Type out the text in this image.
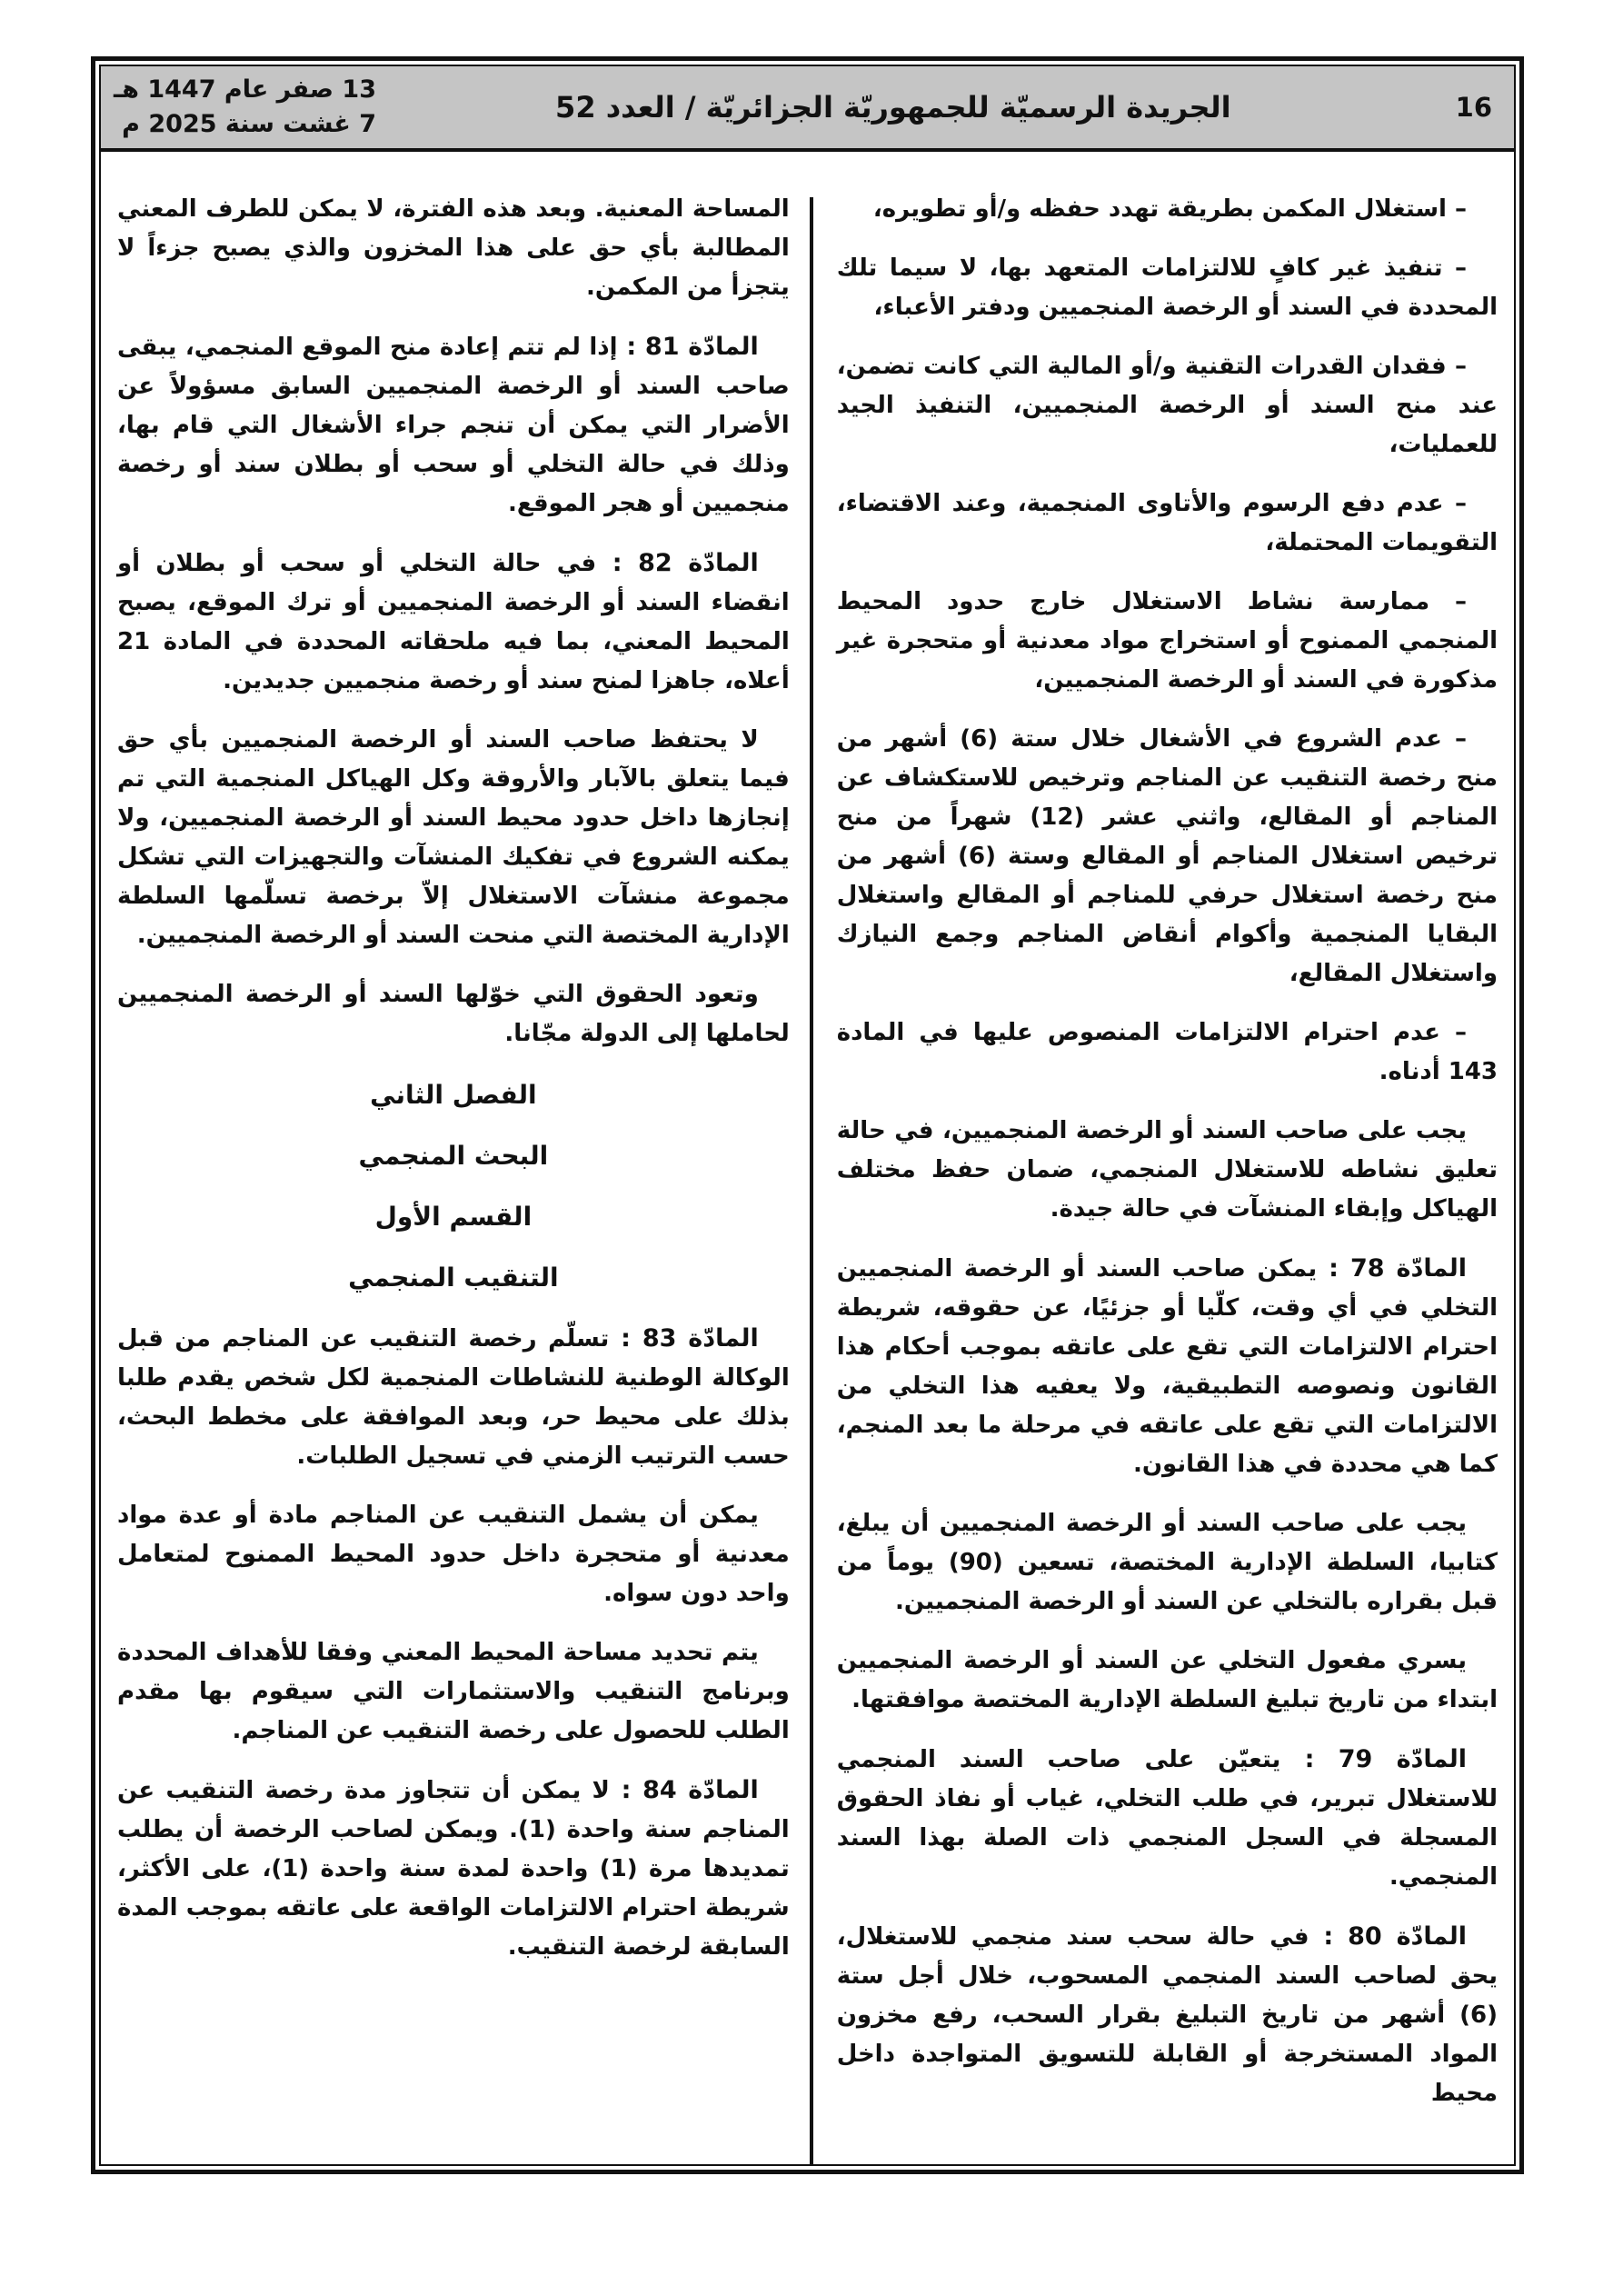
13 صفر عام 1447 هـ
7 غشت سنة 2025 م	الجريدة الرسميّة للجمهوريّة الجزائريّة / العدد 52	16

– استغلال المكمن بطريقة تهدد حفظه و/أو تطويره،

– تنفيذ غير كافٍ للالتزامات المتعهد بها، لا سيما تلك المحددة في السند أو الرخصة المنجميين ودفتر الأعباء،

– فقدان القدرات التقنية و/أو المالية التي كانت تضمن، عند منح السند أو الرخصة المنجميين، التنفيذ الجيد للعمليات،

– عدم دفع الرسوم والأتاوى المنجمية، وعند الاقتضاء، التقويمات المحتملة،

– ممارسة نشاط الاستغلال خارج حدود المحيط المنجمي الممنوح أو استخراج مواد معدنية أو متحجرة غير مذكورة في السند أو الرخصة المنجميين،

– عدم الشروع في الأشغال خلال ستة (6) أشهر من منح رخصة التنقيب عن المناجم وترخيص للاستكشاف عن المناجم أو المقالع، واثني عشر (12) شهراً من منح ترخيص استغلال المناجم أو المقالع وستة (6) أشهر من منح رخصة استغلال حرفي للمناجم أو المقالع واستغلال البقايا المنجمية وأكوام أنقاض المناجم وجمع النيازك واستغلال المقالع،

– عدم احترام الالتزامات المنصوص عليها في المادة 143 أدناه.

يجب على صاحب السند أو الرخصة المنجميين، في حالة تعليق نشاطه للاستغلال المنجمي، ضمان حفظ مختلف الهياكل وإبقاء المنشآت في حالة جيدة.

المادّة 78 : يمكن صاحب السند أو الرخصة المنجميين التخلي في أي وقت، كلّيا أو جزئيًا، عن حقوقه، شريطة احترام الالتزامات التي تقع على عاتقه بموجب أحكام هذا القانون ونصوصه التطبيقية، ولا يعفيه هذا التخلي من الالتزامات التي تقع على عاتقه في مرحلة ما بعد المنجم، كما هي محددة في هذا القانون.

يجب على صاحب السند أو الرخصة المنجميين أن يبلغ، كتابيا، السلطة الإدارية المختصة، تسعين (90) يوماً من قبل بقراره بالتخلي عن السند أو الرخصة المنجميين.

يسري مفعول التخلي عن السند أو الرخصة المنجميين ابتداء من تاريخ تبليغ السلطة الإدارية المختصة موافقتها.

المادّة 79 : يتعيّن على صاحب السند المنجمي للاستغلال تبرير، في طلب التخلي، غياب أو نفاذ الحقوق المسجلة في السجل المنجمي ذات الصلة بهذا السند المنجمي.

المادّة 80 : في حالة سحب سند منجمي للاستغلال، يحق لصاحب السند المنجمي المسحوب، خلال أجل ستة (6) أشهر من تاريخ التبليغ بقرار السحب، رفع مخزون المواد المستخرجة أو القابلة للتسويق المتواجدة داخل محيط

المساحة المعنية. وبعد هذه الفترة، لا يمكن للطرف المعني المطالبة بأي حق على هذا المخزون والذي يصبح جزءاً لا يتجزأ من المكمن.

المادّة 81 : إذا لم تتم إعادة منح الموقع المنجمي، يبقى صاحب السند أو الرخصة المنجميين السابق مسؤولاً عن الأضرار التي يمكن أن تنجم جراء الأشغال التي قام بها، وذلك في حالة التخلي أو سحب أو بطلان سند أو رخصة منجميين أو هجر الموقع.

المادّة 82 : في حالة التخلي أو سحب أو بطلان أو انقضاء السند أو الرخصة المنجميين أو ترك الموقع، يصبح المحيط المعني، بما فيه ملحقاته المحددة في المادة 21 أعلاه، جاهزا لمنح سند أو رخصة منجميين جديدين.

لا يحتفظ صاحب السند أو الرخصة المنجميين بأي حق فيما يتعلق بالآبار والأروقة وكل الهياكل المنجمية التي تم إنجازها داخل حدود محيط السند أو الرخصة المنجميين، ولا يمكنه الشروع في تفكيك المنشآت والتجهيزات التي تشكل مجموعة منشآت الاستغلال إلاّ برخصة تسلّمها السلطة الإدارية المختصة التي منحت السند أو الرخصة المنجميين.

وتعود الحقوق التي خوّلها السند أو الرخصة المنجميين لحاملها إلى الدولة مجّانا.

الفصل الثاني

البحث المنجمي

القسم الأول

التنقيب المنجمي

المادّة 83 : تسلّم رخصة التنقيب عن المناجم من قبل الوكالة الوطنية للنشاطات المنجمية لكل شخص يقدم طلبا بذلك على محيط حر، وبعد الموافقة على مخطط البحث، حسب الترتيب الزمني في تسجيل الطلبات.

يمكن أن يشمل التنقيب عن المناجم مادة أو عدة مواد معدنية أو متحجرة داخل حدود المحيط الممنوح لمتعامل واحد دون سواه.

يتم تحديد مساحة المحيط المعني وفقا للأهداف المحددة وبرنامج التنقيب والاستثمارات التي سيقوم بها مقدم الطلب للحصول على رخصة التنقيب عن المناجم.

المادّة 84 : لا يمكن أن تتجاوز مدة رخصة التنقيب عن المناجم سنة واحدة (1). ويمكن لصاحب الرخصة أن يطلب تمديدها مرة (1) واحدة لمدة سنة واحدة (1)، على الأكثر، شريطة احترام الالتزامات الواقعة على عاتقه بموجب المدة السابقة لرخصة التنقيب.
